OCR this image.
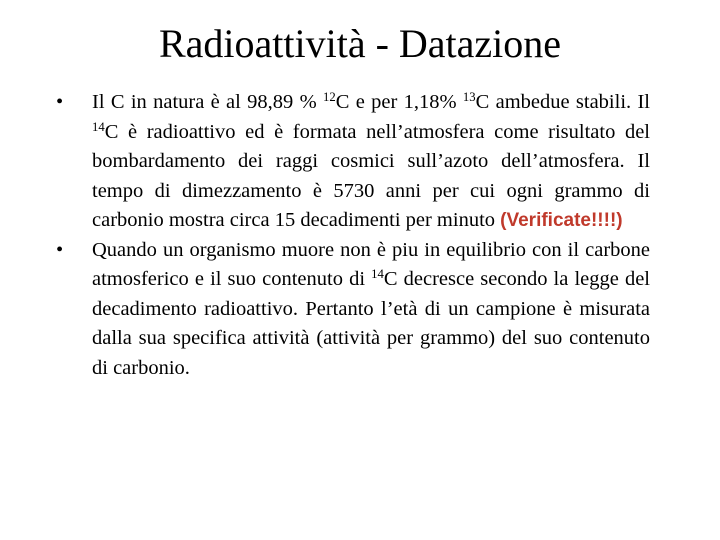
Radioattività - Datazione
•	Il C in natura è al 98,89 % $^{12}$C e per 1,18% $^{13}$C ambedue stabili. Il $^{14}$C è radioattivo ed è formata nell’atmosfera come risultato del bombardamento dei raggi cosmici sull’azoto dell’atmosfera. Il tempo di dimezzamento è 5730 anni per cui ogni grammo di carbonio mostra circa 15 decadimenti per minuto (Verificate!!!!)
•	Quando un organismo muore non è piu in equilibrio con il carbone atmosferico e il suo contenuto di $^{14}$C decresce secondo la legge del decadimento radioattivo. Pertanto l’età di un campione è misurata dalla sua specifica attività (attività per grammo) del suo contenuto di carbonio.
